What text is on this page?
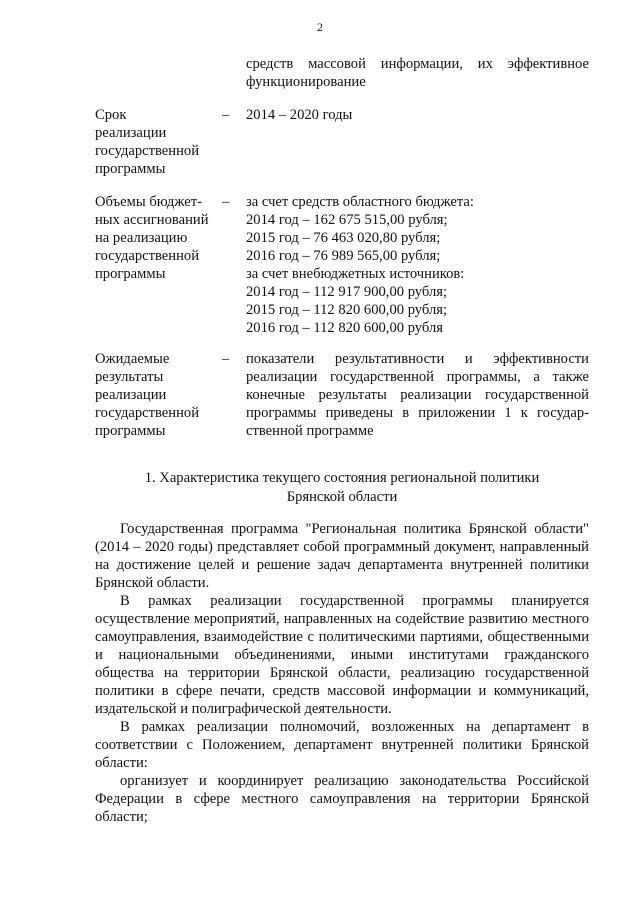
2
средств массовой информации, их эффективное
функционирование
Срок
реализации
государственной
программы
– 2014 – 2020 годы
Объемы бюджет-
ных ассигнований
на реализацию
государственной
программы
– за счет средств областного бюджета:
2014 год – 162 675 515,00 рубля;
2015 год – 76 463 020,80 рубля;
2016 год – 76 989 565,00 рубля;
за счет внебюджетных источников:
2014 год – 112 917 900,00 рубля;
2015 год – 112 820 600,00 рубля;
2016 год – 112 820 600,00 рубля
Ожидаемые
результаты
реализации
государственной
программы
– показатели результативности и эффективности
реализации государственной программы, а также
конечные результаты реализации государственной
программы приведены в приложении 1 к государ-
ственной программе
1. Характеристика текущего состояния региональной политики
Брянской области

Государственная программа "Региональная политика Брянской области" (2014 – 2020 годы) представляет собой программный документ, направленный на достижение целей и решение задач департамента внутренней политики Брянской области.

В рамках реализации государственной программы планируется осуществление мероприятий, направленных на содействие развитию местного самоуправления, взаимодействие с политическими партиями, общественными и национальными объединениями, иными институтами гражданского общества на территории Брянской области, реализацию государственной политики в сфере печати, средств массовой информации и коммуникаций, издательской и полиграфической деятельности.

В рамках реализации полномочий, возложенных на департамент в соответствии с Положением, департамент внутренней политики Брянской области:

организует и координирует реализацию законодательства Российской Федерации в сфере местного самоуправления на территории Брянской области;
